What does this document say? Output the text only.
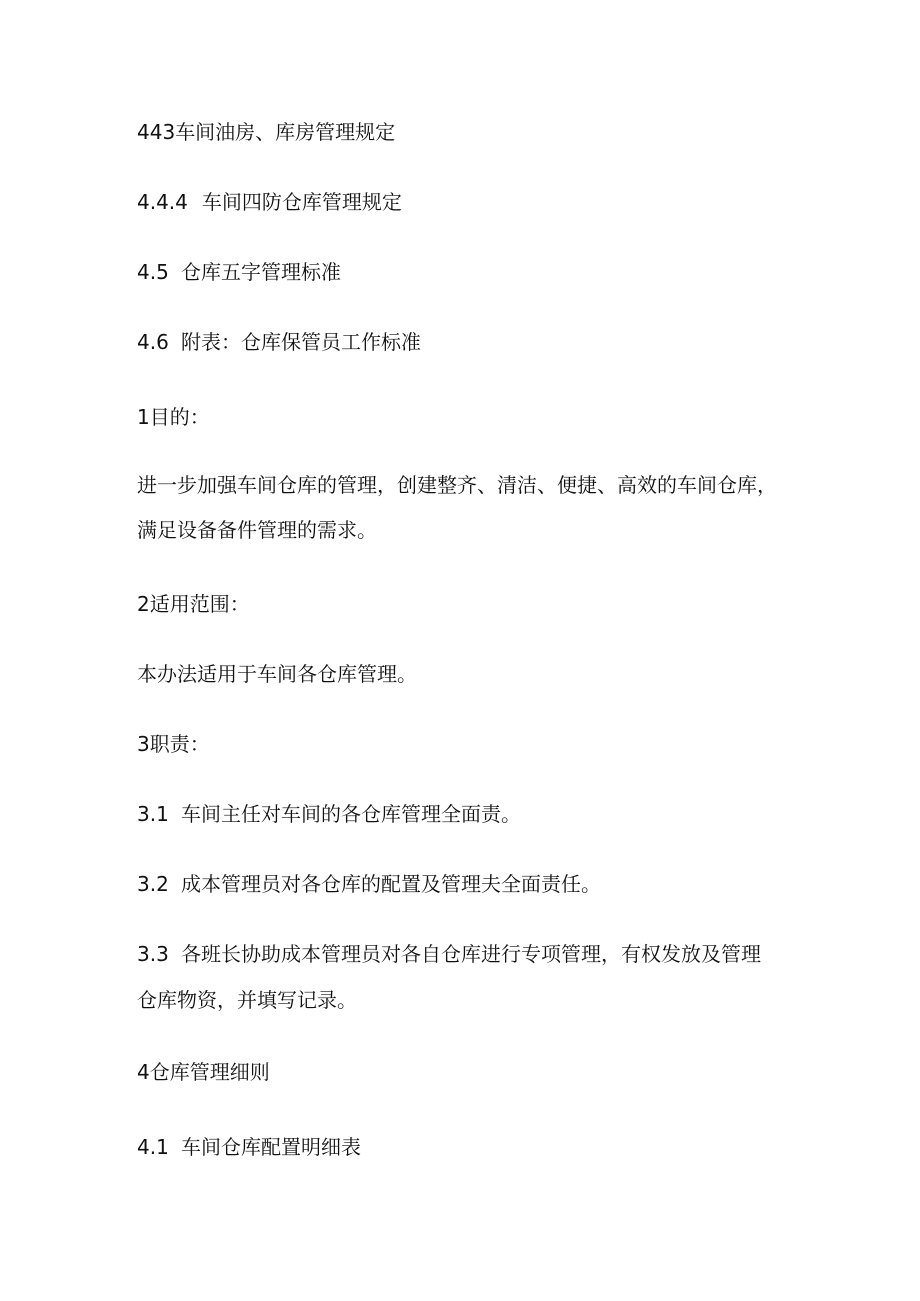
443车间油房、库房管理规定
4.4.4 车间四防仓库管理规定
4.5 仓库五字管理标准
4.6 附表：仓库保管员工作标准
1目的：
进一步加强车间仓库的管理，创建整齐、清洁、便捷、高效的车间仓库，
满足设备备件管理的需求。
2适用范围：
本办法适用于车间各仓库管理。
3职责：
3.1 车间主任对车间的各仓库管理全面责。
3.2 成本管理员对各仓库的配置及管理夫全面责任。
3.3 各班长协助成本管理员对各自仓库进行专项管理，有权发放及管理
仓库物资，并填写记录。
4仓库管理细则
4.1 车间仓库配置明细表
